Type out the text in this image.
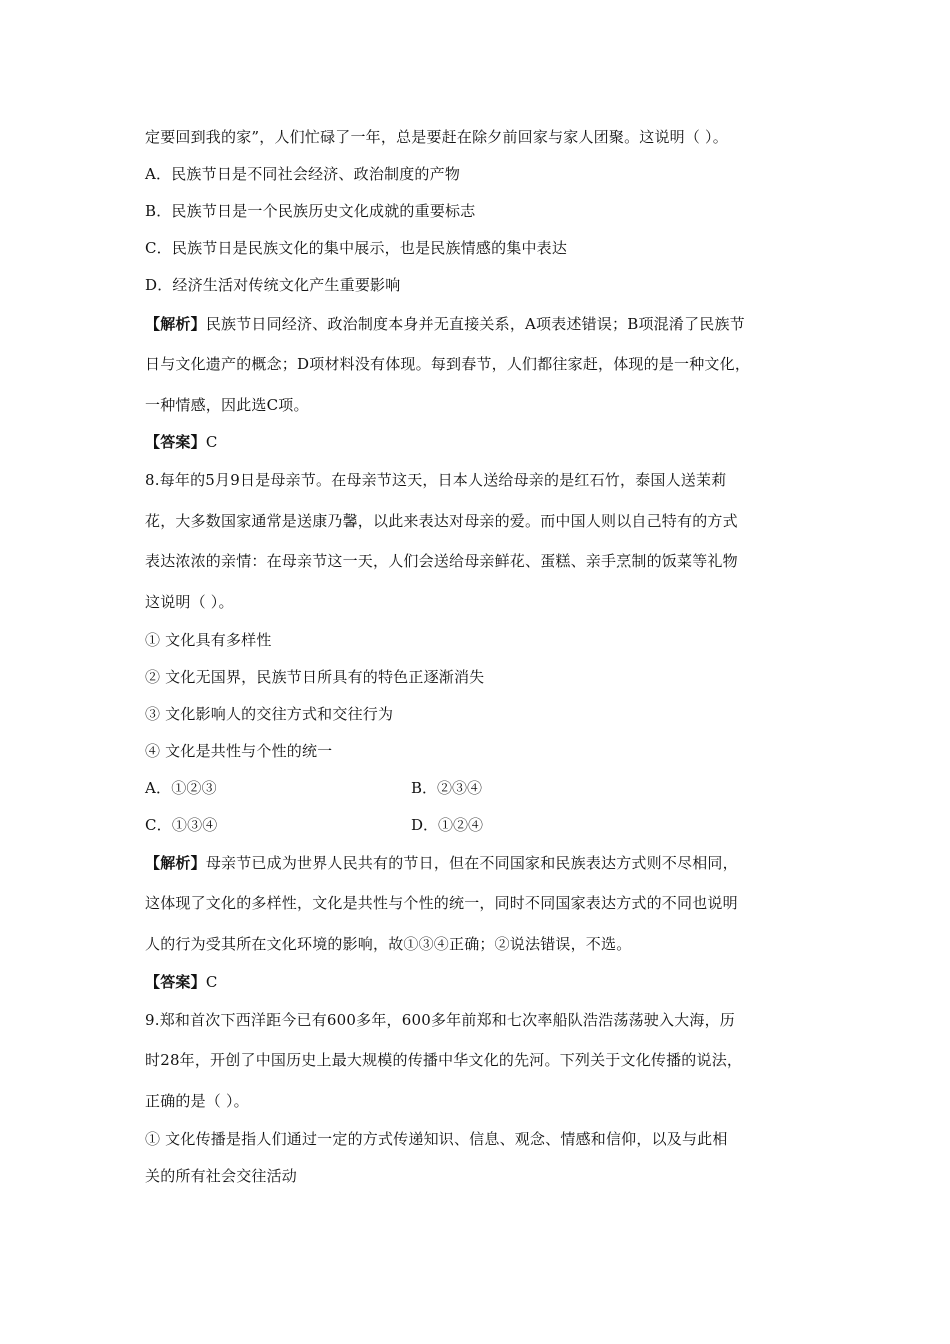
定要回到我的家”，人们忙碌了一年，总是要赶在除夕前回家与家人团聚。这说明（ ）。
A．民族节日是不同社会经济、政治制度的产物
B．民族节日是一个民族历史文化成就的重要标志
C．民族节日是民族文化的集中展示，也是民族情感的集中表达
D．经济生活对传统文化产生重要影响
【解析】民族节日同经济、政治制度本身并无直接关系，A项表述错误；B项混淆了民族节
日与文化遗产的概念；D项材料没有体现。每到春节，人们都往家赶，体现的是一种文化，
一种情感，因此选C项。
【答案】C
8.每年的5月9日是母亲节。在母亲节这天，日本人送给母亲的是红石竹，泰国人送茉莉
花，大多数国家通常是送康乃馨，以此来表达对母亲的爱。而中国人则以自己特有的方式
表达浓浓的亲情：在母亲节这一天，人们会送给母亲鲜花、蛋糕、亲手烹制的饭菜等礼物
这说明（ ）。
① 文化具有多样性
② 文化无国界，民族节日所具有的特色正逐渐消失
③ 文化影响人的交往方式和交往行为
④ 文化是共性与个性的统一
A．①②③	B．②③④
C．①③④	D．①②④
【解析】母亲节已成为世界人民共有的节日，但在不同国家和民族表达方式则不尽相同，
这体现了文化的多样性，文化是共性与个性的统一，同时不同国家表达方式的不同也说明
人的行为受其所在文化环境的影响，故①③④正确；②说法错误，不选。
【答案】C
9.郑和首次下西洋距今已有600多年，600多年前郑和七次率船队浩浩荡荡驶入大海，历
时28年，开创了中国历史上最大规模的传播中华文化的先河。下列关于文化传播的说法，
正确的是（ ）。
① 文化传播是指人们通过一定的方式传递知识、信息、观念、情感和信仰，以及与此相
关的所有社会交往活动
